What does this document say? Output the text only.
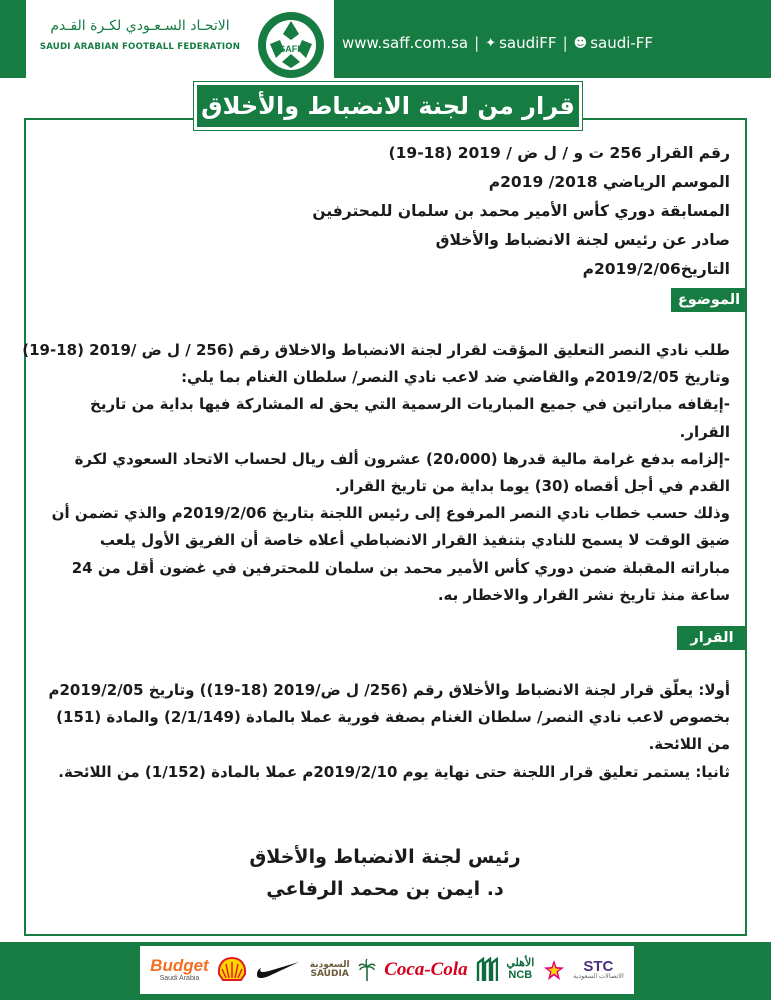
www.saff.com.sa | ✦ saudiFF | ☻ saudi-FF
الاتحـاد السـعـودي لكـرة القـدم
SAUDI ARABIAN FOOTBALL FEDERATION	SAFF
قرار من لجنة الانضباط والأخلاق
رقم القرار 256 ت و / ل ض / 2019 (18-19)
الموسم الرياضي 2018/ 2019م
المسابقة دوري كأس الأمير محمد بن سلمان للمحترفين
صادر عن رئيس لجنة الانضباط والأخلاق
التاريخ2019/2/06م
الموضوع
طلب نادي النصر التعليق المؤقت لقرار لجنة الانضباط والاخلاق رقم (256 / ل ض /2019 (18-19)
وتاريخ 2019/2/05م والقاضي ضد لاعب نادي النصر/ سلطان الغنام بما يلي:
-إيقافه مباراتين في جميع المباريات الرسمية التي يحق له المشاركة فيها بداية من تاريخ
القرار.
-إلزامه بدفع غرامة مالية قدرها (20،000) عشرون ألف ريال لحساب الاتحاد السعودي لكرة
القدم في أجل أقصاه (30) يوما بداية من تاريخ القرار.
وذلك حسب خطاب نادي النصر المرفوع إلى رئيس اللجنة بتاريخ 2019/2/06م والذي تضمن أن
ضيق الوقت لا يسمح للنادي بتنفيذ القرار الانضباطي أعلاه خاصة أن الفريق الأول يلعب
مباراته المقبلة ضمن دوري كأس الأمير محمد بن سلمان للمحترفين في غضون أقل من 24
ساعة منذ تاريخ نشر القرار والاخطار به.
القرار
أولا: يعلّق قرار لجنة الانضباط والأخلاق رقم (256/ ل ض/2019 (18-19)) وتاريخ 2019/2/05م
بخصوص لاعب نادي النصر/ سلطان الغنام بصفة فورية عملا بالمادة (2/1/149) والمادة (151)
من اللائحة.
ثانيا: يستمر تعليق قرار اللجنة حتى نهاية يوم 2019/2/10م عملا بالمادة (1/152) من اللائحة.
رئيس لجنة الانضباط والأخلاق
د. ايمن بن محمد الرفاعي
Budget
Saudi Arabia
السعودية
SAUDIA Coca-Cola	الأهلي
NCB
STC
الاتصالات السعودية
